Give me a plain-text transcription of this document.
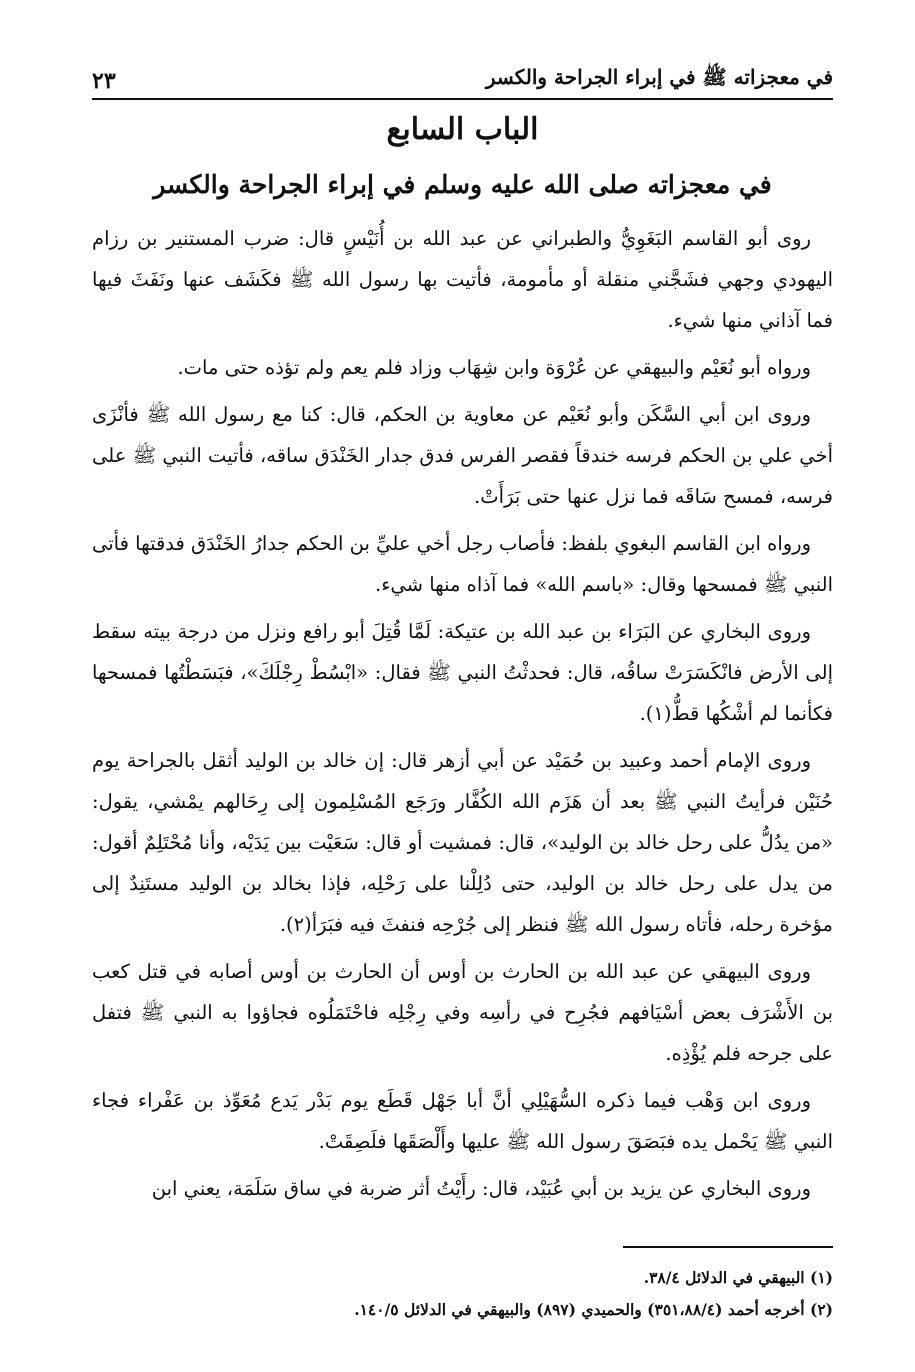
في معجزاته ﷺ في إبراء الجراحة والكسر
٢٣
الباب السابع
في معجزاته صلى الله عليه وسلم في إبراء الجراحة والكسر

روى أبو القاسم البَغَوِيُّ والطبراني عن عبد الله بن أُنَيْسٍ قال: ضرب المستنير بن رزام اليهودي وجهي فشَجَّني منقلة أو مأمومة، فأتيت بها رسول الله ﷺ فكَشَف عنها ونَفَثَ فيها فما آذاني منها شيء.

ورواه أبو نُعَيْم والبيهقي عن عُرْوَة وابن شِهَاب وزاد فلم يعم ولم تؤذه حتى مات.

وروى ابن أبي السَّكَن وأبو نُعَيْم عن معاوية بن الحكم، قال: كنا مع رسول الله ﷺ فأنْزَى أخي علي بن الحكم فرسه خندقاً فقصر الفرس فدق جدار الخَنْدَق ساقه، فأتيت النبي ﷺ على فرسه، فمسح سَاقَه فما نزل عنها حتى بَرَأَتْ.

ورواه ابن القاسم البغوي بلفظ: فأصاب رجل أخي عليِّ بن الحكم جدارُ الخَنْدَق فدقتها فأتى النبي ﷺ فمسحها وقال: «باسم الله» فما آذاه منها شيء.

وروى البخاري عن البَرَاء بن عبد الله بن عتيكة: لَمَّا قُتِلَ أبو رافع ونزل من درجة بيته سقط إلى الأرض فانْكَسَرَتْ ساقُه، قال: فحدثْتُ النبي ﷺ فقال: «ابْسُطْ رِجْلَكَ»، فبَسَطْتُها فمسحها فكأنما لم أشْكُها قطُّ(١).

وروى الإمام أحمد وعبيد بن حُمَيْد عن أبي أزهر قال: إن خالد بن الوليد أثقل بالجراحة يوم حُنَيْن فرأيتُ النبي ﷺ بعد أن هَزَم الله الكُفَّار ورَجَع المُسْلِمون إلى رِحَالهم يمْشي، يقول: «من يدُلُّ على رحل خالد بن الوليد»، قال: فمشيت أو قال: سَعَيْت بين يَدَيْه، وأنا مُحْتَلِمٌ أقول: من يدل على رحل خالد بن الوليد، حتى دُلِلْنا على رَحْلِه، فإذا بخالد بن الوليد مستَنِدٌ إلى مؤخرة رحله، فأتاه رسول الله ﷺ فنظر إلى جُرْحِه فنفثَ فيه فبَرَأ(٢).

وروى البيهقي عن عبد الله بن الحارث بن أوس أن الحارث بن أوس أصابه في قتل كعب بن الأَشْرَف بعض أسْيَافهم فجُرِح في رأسِه وفي رِجْلِه فاحْتَمَلُوه فجاؤوا به النبي ﷺ فتفل على جرحه فلم يُؤْذِه.

وروى ابن وَهْب فيما ذكره السُّهَيْلِي أنَّ أبا جَهْل قَطَع يوم بَدْر يَدع مُعَوِّذ بن عَفْراء فجاء النبي ﷺ يَحْمل يده فبَصَقَ رسول الله ﷺ عليها وأَلْصَقَها فلَصِقَتْ.

وروى البخاري عن يزيد بن أبي عُبَيْد، قال: رأَيْتُ أثر ضربة في ساق سَلَمَة، يعني ابن

(١) البيهقي في الدلائل ٣٨/٤.
(٢) أخرجه أحمد (٣٥١،٨٨/٤) والحميدي (٨٩٧) والبيهقي في الدلائل ١٤٠/٥.
